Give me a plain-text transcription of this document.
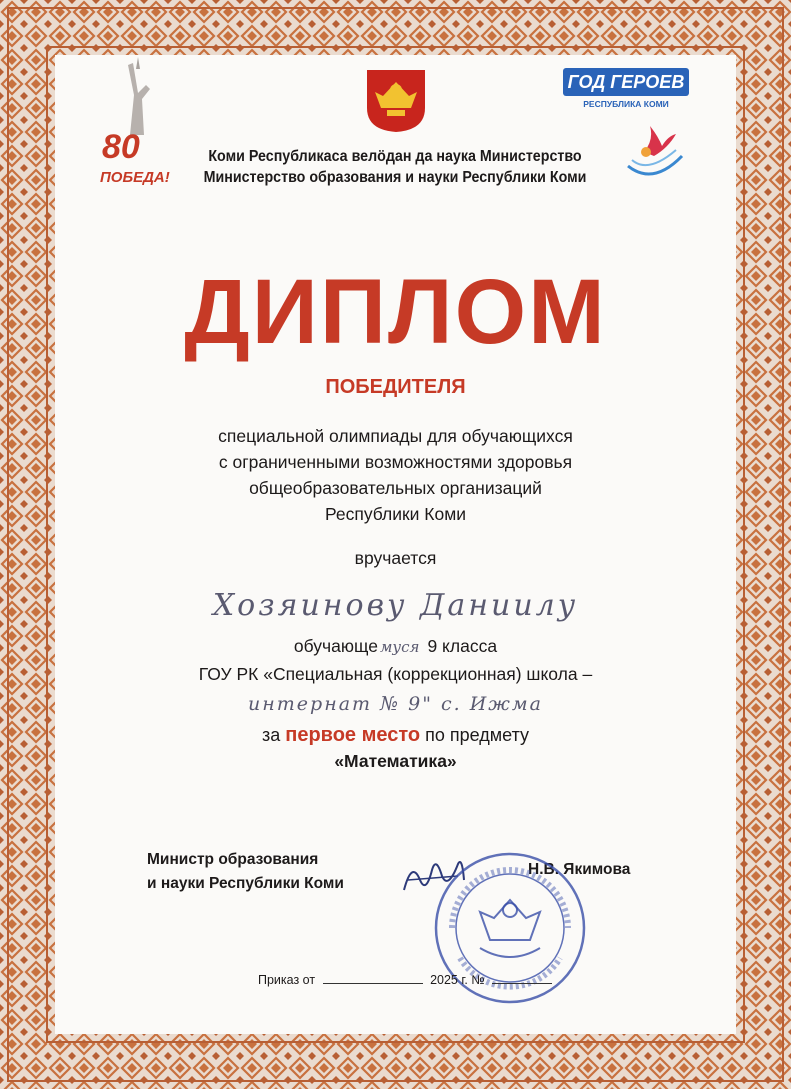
80
ПОБЕДА!
ГОД ГЕРОЕВ
РЕСПУБЛИКА КОМИ
Коми Республикаса велӧдан да наука Министерство
Министерство образования и науки Республики Коми
ДИПЛОМ
ПОБЕДИТЕЛЯ
специальной олимпиады для обучающихся
с ограниченными возможностями здоровья
общеобразовательных организаций
Республики Коми
вручается
Хозяинову Даниилу
обучающе муся 9 класса
ГОУ РК «Специальная (коррекционная) школа –
интернат № 9" с. Ижма
за первое место по предмету
«Математика»
Министр образования
и науки Республики Коми
Н.В. Якимова
Приказ от	2025 г. №
